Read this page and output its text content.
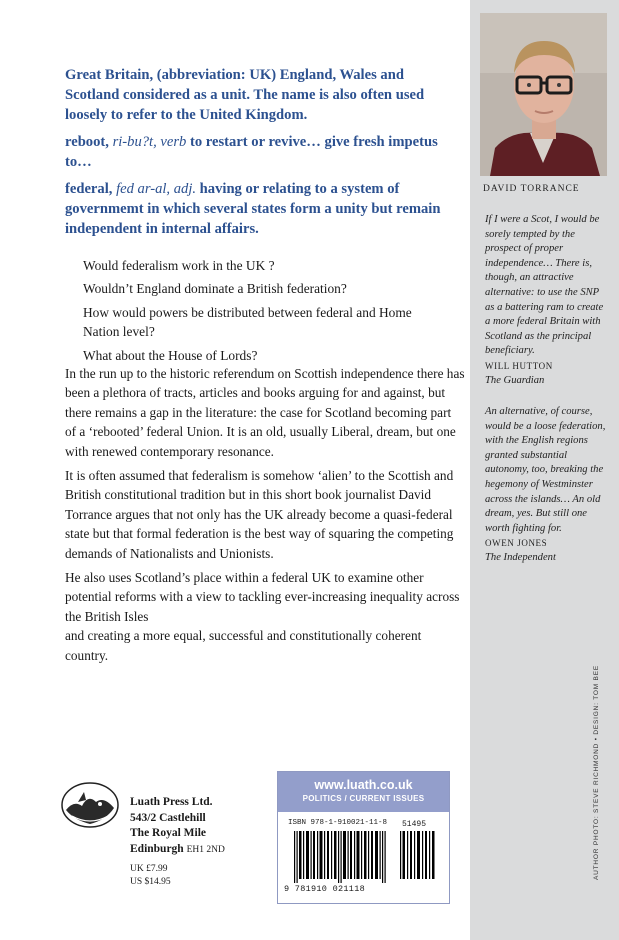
DAVID TORRANCE
If I were a Scot, I would be sorely tempted by the prospect of proper independence… There is, though, an attractive alternative: to use the SNP as a battering ram to create a more federal Britain with Scotland as the principal beneficiary.
WILL HUTTON
The Guardian
An alternative, of course, would be a loose federation, with the English regions granted substantial autonomy, too, breaking the hegemony of Westminster across the islands… An old dream, yes. But still one worth fighting for.
OWEN JONES
The Independent

Great Britain, (abbreviation: UK) England, Wales and Scotland considered as a unit. The name is also often used loosely to refer to the United Kingdom.

reboot, ri-bu?t, verb to restart or revive… give fresh impetus to…

federal, fed ar-al, adj. having or relating to a system of governmemt in which several states form a unity but remain independent in internal affairs.

Would federalism work in the UK ?

Wouldn’t England dominate a British federation?

How would powers be distributed between federal and Home Nation level?

What about the House of Lords?

In the run up to the historic referendum on Scottish independence there has been a plethora of tracts, articles and books arguing for and against, but there remains a gap in the literature: the case for Scotland becoming part of a ‘rebooted’ federal Union. It is an old, usually Liberal, dream, but one with renewed contemporary resonance.

It is often assumed that federalism is somehow ‘alien’ to the Scottish and British constitutional tradition but in this short book journalist David Torrance argues that not only has the UK already become a quasi-federal state but that formal federation is the best way of squaring the competing demands of Nationalists and Unionists.

He also uses Scotland’s place within a federal UK to examine other potential reforms with a view to tackling ever-increasing inequality across the British Isles

and creating a more equal, successful and constitutionally coherent country.

Luath Press Ltd.
543/2 Castlehill
The Royal Mile
Edinburgh EH1 2ND
UK £7.99
US $14.95
www.luath.co.uk
POLITICS / CURRENT ISSUES
ISBN 978-1-910021-11-8 51495
9 781910 021118
AUTHOR PHOTO: STEVE RICHMOND • DESIGN: TOM BEE
